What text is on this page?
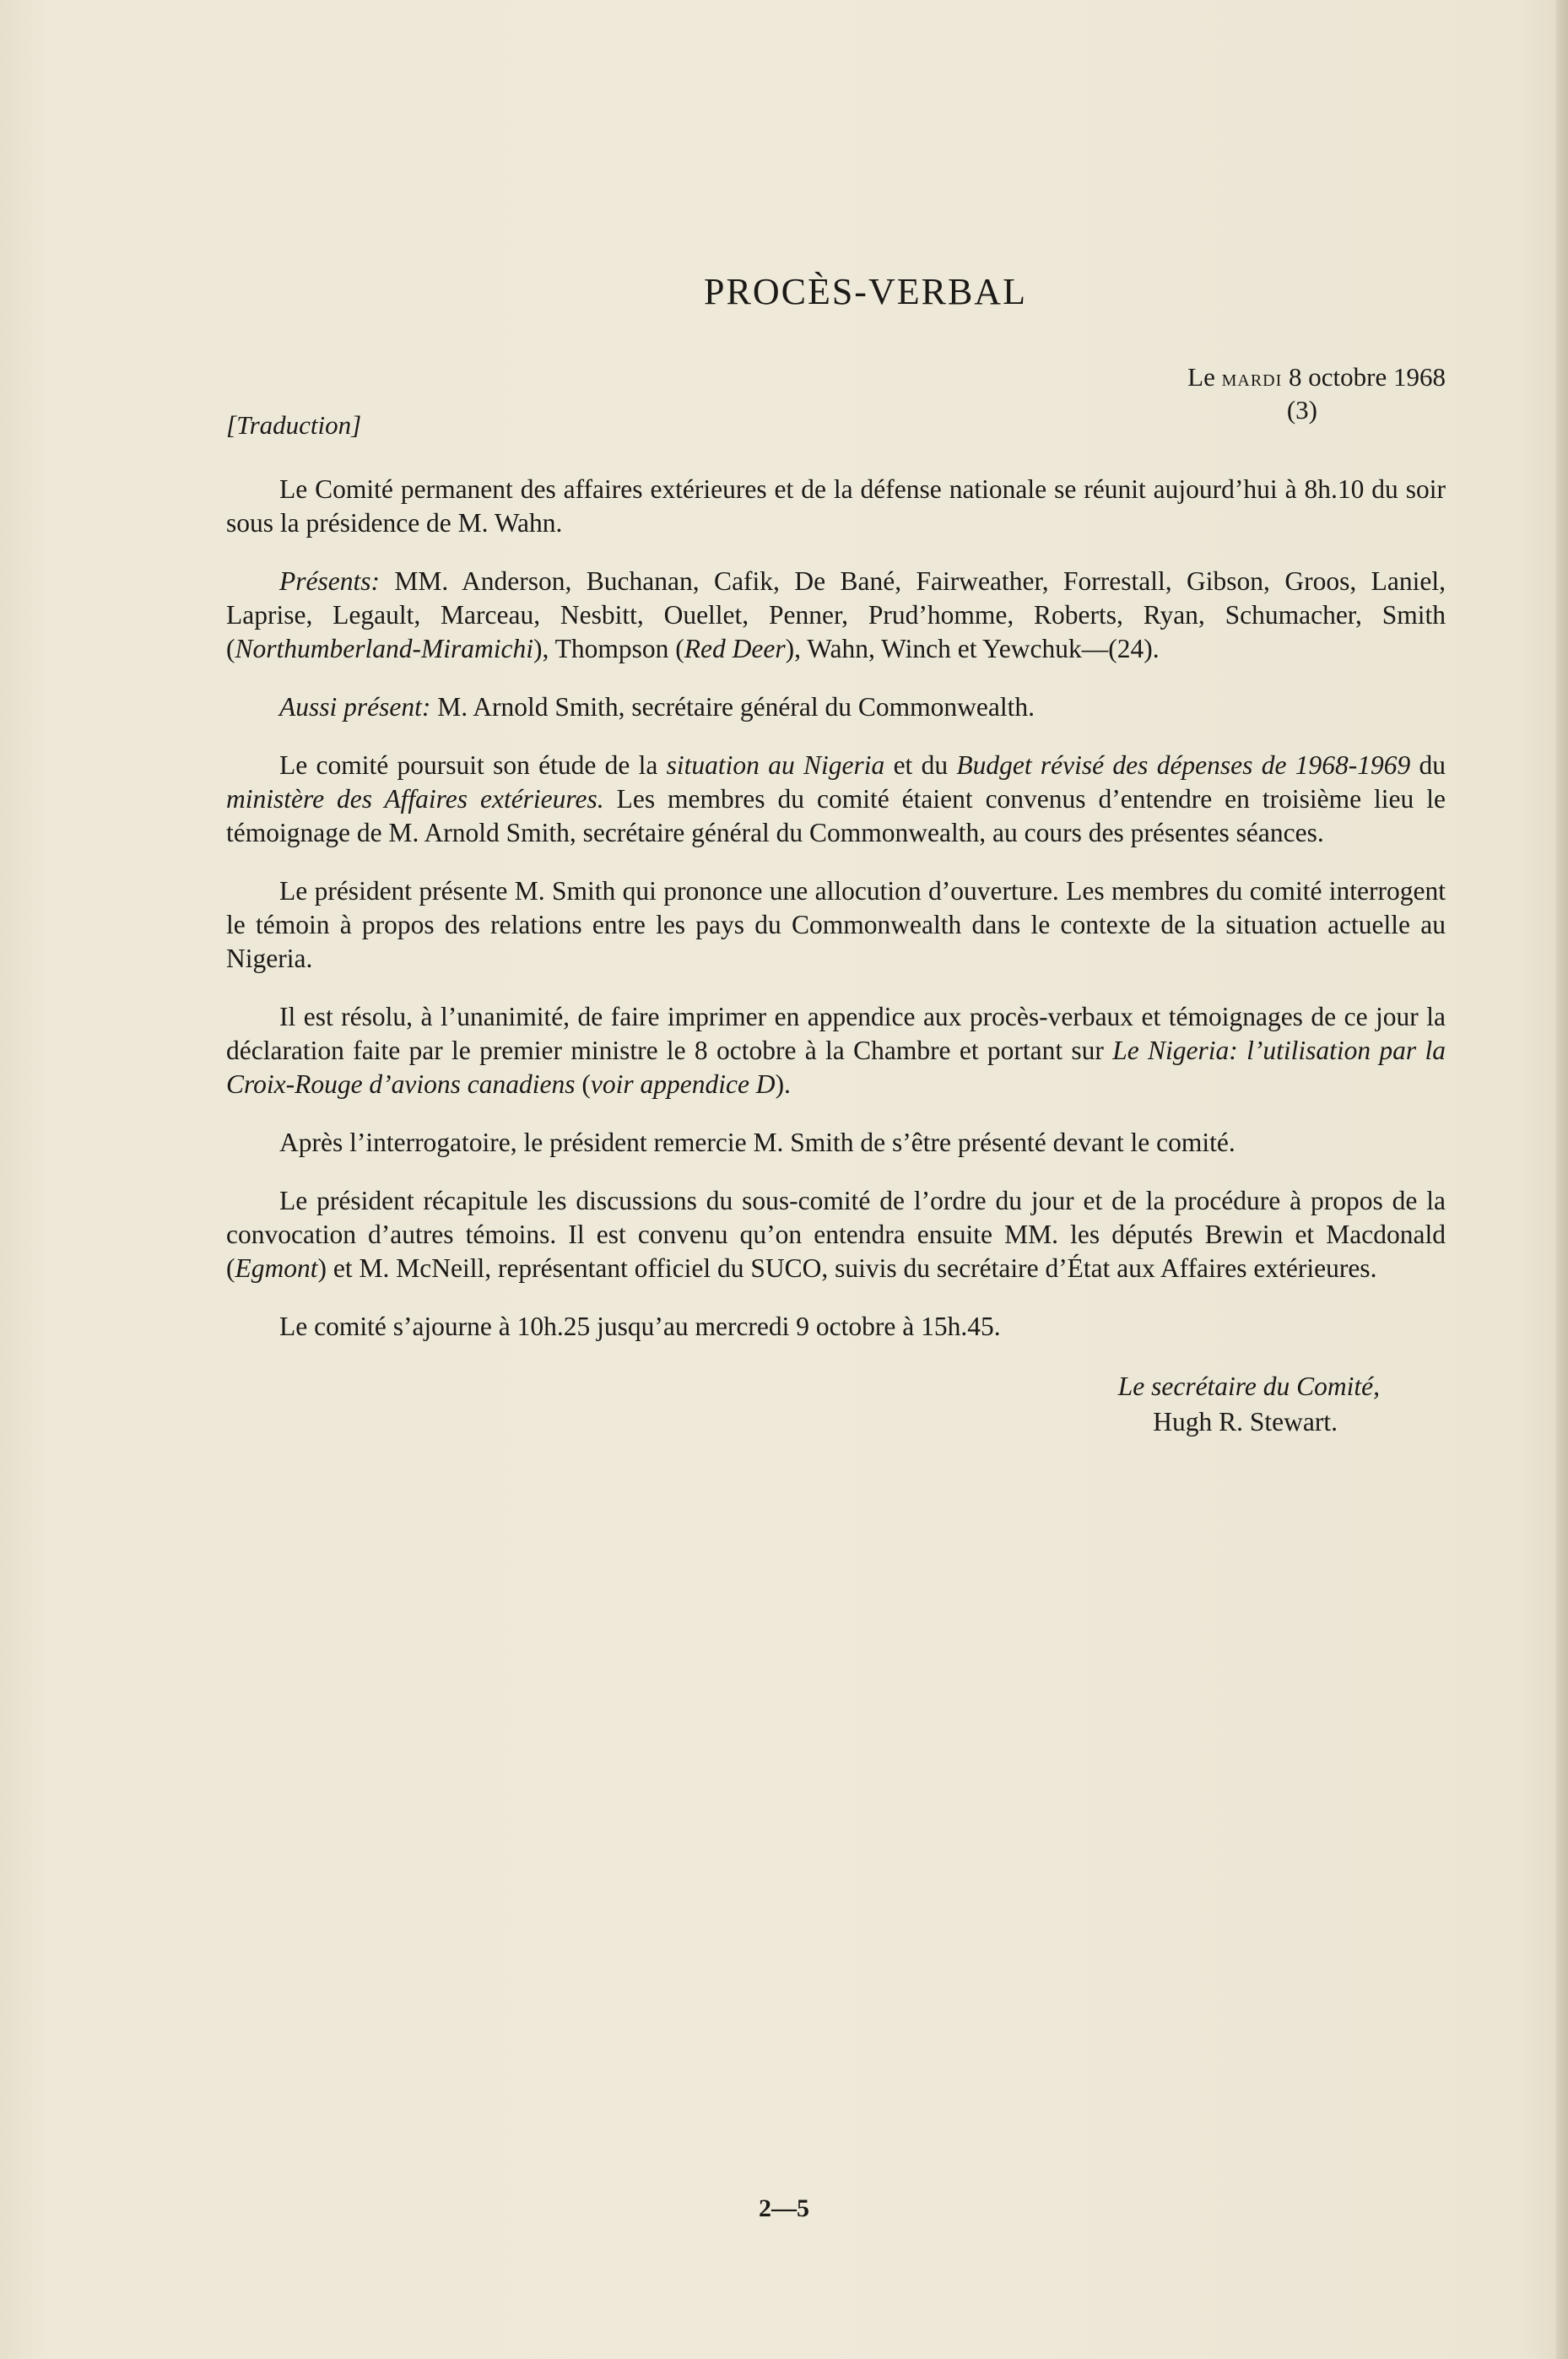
PROCÈS-VERBAL
Le mardi 8 octobre 1968
[Traduction]
(3)

  Le Comité permanent des affaires extérieures et de la défense nationale se réunit aujourd’hui à 8h.10 du soir sous la présidence de M. Wahn.

  Présents: MM. Anderson, Buchanan, Cafik, De Bané, Fairweather, Forrestall, Gibson, Groos, Laniel, Laprise, Legault, Marceau, Nesbitt, Ouellet, Penner, Prud’homme, Roberts, Ryan, Schumacher, Smith (Northumberland-Miramichi), Thompson (Red Deer), Wahn, Winch et Yewchuk—(24).

  Aussi présent: M. Arnold Smith, secrétaire général du Commonwealth.

  Le comité poursuit son étude de la situation au Nigeria et du Budget révisé des dépenses de 1968-1969 du ministère des Affaires extérieures. Les membres du comité étaient convenus d’entendre en troisième lieu le témoignage de M. Arnold Smith, secrétaire général du Commonwealth, au cours des présentes séances.

  Le président présente M. Smith qui prononce une allocution d’ouverture. Les membres du comité interrogent le témoin à propos des relations entre les pays du Commonwealth dans le contexte de la situation actuelle au Nigeria.

  Il est résolu, à l’unanimité, de faire imprimer en appendice aux procès-verbaux et témoignages de ce jour la déclaration faite par le premier ministre le 8 octobre à la Chambre et portant sur Le Nigeria: l’utilisation par la Croix-Rouge d’avions canadiens (voir appendice D).

  Après l’interrogatoire, le président remercie M. Smith de s’être présenté devant le comité.

  Le président récapitule les discussions du sous-comité de l’ordre du jour et de la procédure à propos de la convocation d’autres témoins. Il est convenu qu’on entendra ensuite MM. les députés Brewin et Macdonald (Egmont) et M. McNeill, représentant officiel du SUCO, suivis du secrétaire d’État aux Affaires extérieures.

  Le comité s’ajourne à 10h.25 jusqu’au mercredi 9 octobre à 15h.45.

Le secrétaire du Comité,
Hugh R. Stewart.
2—5
